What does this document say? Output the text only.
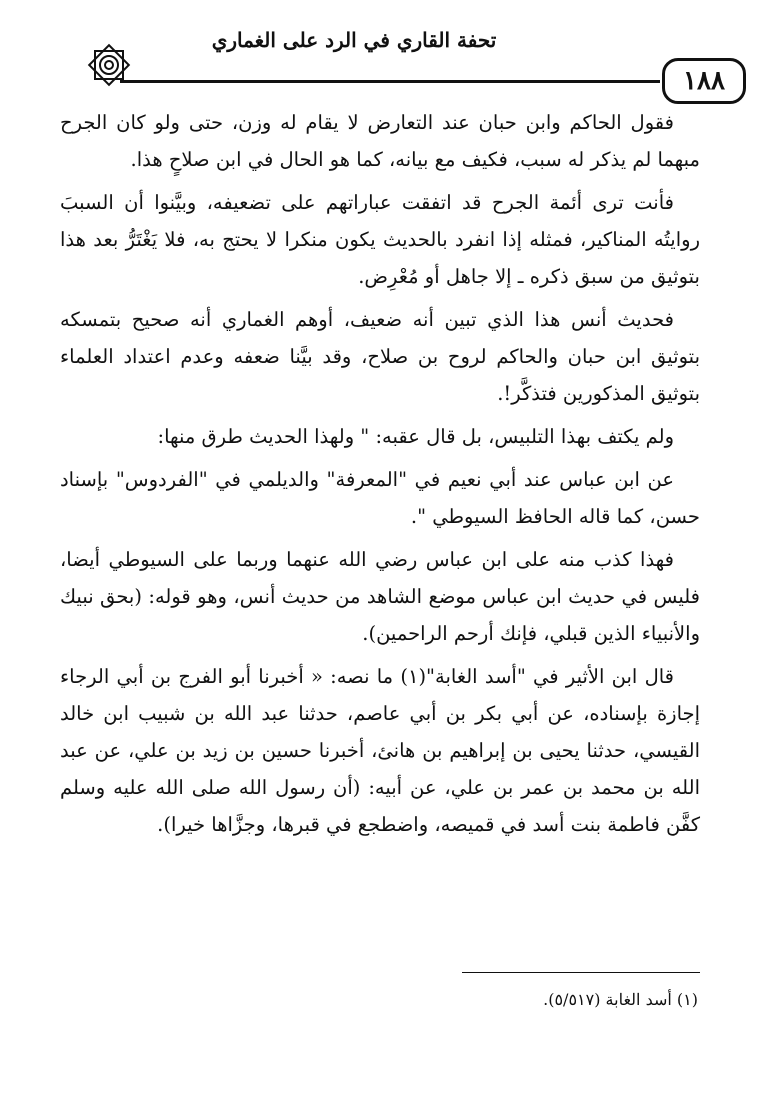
تحفة القاري في الرد على الغماري
١٨٨

فقول الحاكم وابن حبان عند التعارض لا يقام له وزن، حتى ولو كان الجرح مبهما لم يذكر له سبب، فكيف مع بيانه، كما هو الحال في ابن صلاحٍ هذا.

فأنت ترى أئمة الجرح قد اتفقت عباراتهم على تضعيفه، وبيَّنوا أن السببَ روايتُه المناكير، فمثله إذا انفرد بالحديث يكون منكرا لا يحتج به، فلا يَغْتَرُّ بعد هذا بتوثيق من سبق ذكره ـ إلا جاهل أو مُعْرِض.

فحديث أنس هذا الذي تبين أنه ضعيف، أوهم الغماري أنه صحيح بتمسكه بتوثيق ابن حبان والحاكم لروح بن صلاح، وقد بيَّنا ضعفه وعدم اعتداد العلماء بتوثيق المذكورين فتذكَّر!.

ولم يكتف بهذا التلبيس، بل قال عقبه: " ولهذا الحديث طرق منها:

عن ابن عباس عند أبي نعيم في "المعرفة" والديلمي في "الفردوس" بإسناد حسن، كما قاله الحافظ السيوطي ".

فهذا كذب منه على ابن عباس رضي الله عنهما وربما على السيوطي أيضا، فليس في حديث ابن عباس موضع الشاهد من حديث أنس، وهو قوله: (بحق نبيك والأنبياء الذين قبلي، فإنك أرحم الراحمين).

قال ابن الأثير في "أسد الغابة"(١) ما نصه: « أخبرنا أبو الفرج بن أبي الرجاء إجازة بإسناده، عن أبي بكر بن أبي عاصم، حدثنا عبد الله بن شبيب ابن خالد القيسي، حدثنا يحيى بن إبراهيم بن هانئ، أخبرنا حسين بن زيد بن علي، عن عبد الله بن محمد بن عمر بن علي، عن أبيه: (أن رسول الله صلى الله عليه وسلم كفَّن فاطمة بنت أسد في قميصه، واضطجع في قبرها، وجزَّاها خيرا).

(١) أسد الغابة (٥/٥١٧).
